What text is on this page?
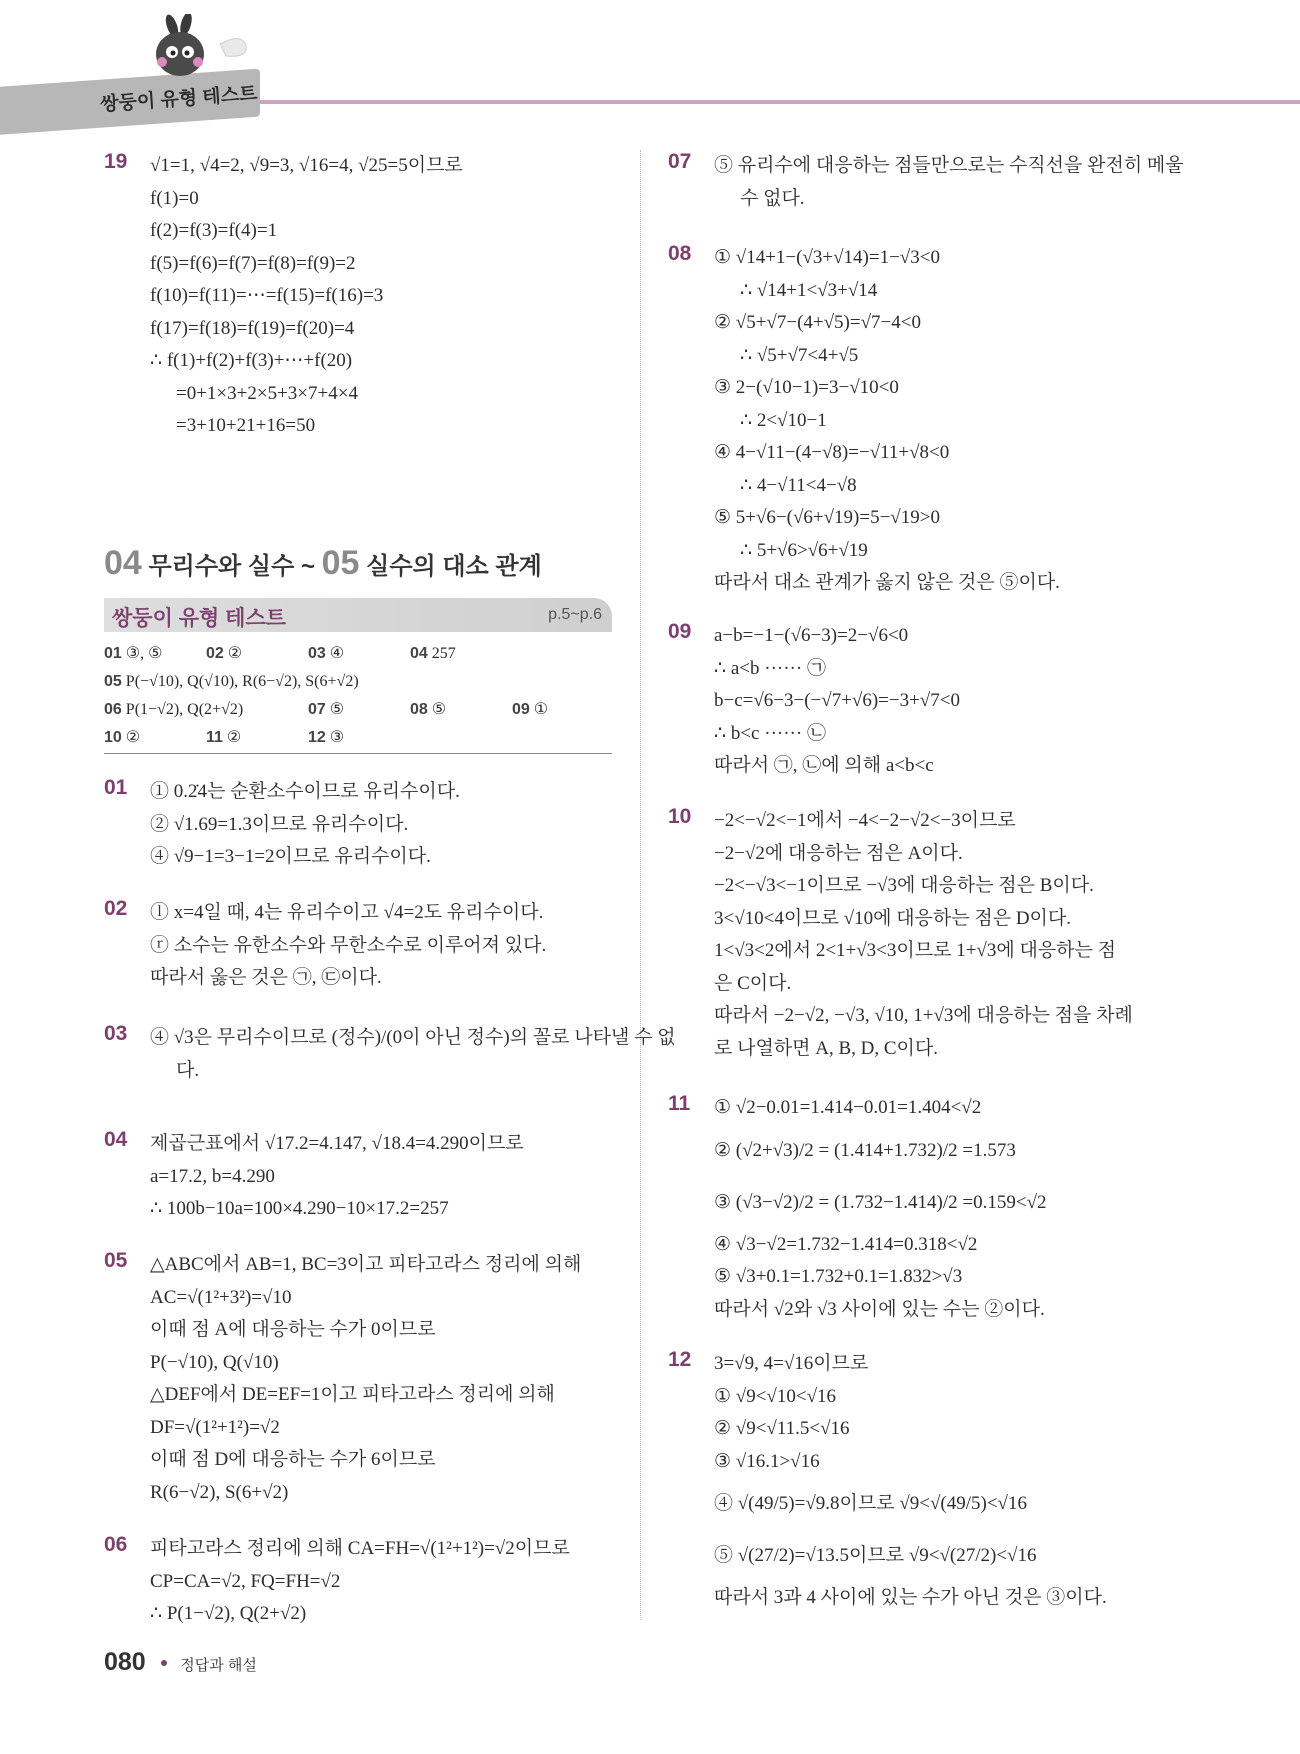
쌍둥이 유형 테스트
19 √1=1, √4=2, √9=3, √16=4, √25=5이므로
f(1)=0
f(2)=f(3)=f(4)=1
f(5)=f(6)=f(7)=f(8)=f(9)=2
f(10)=f(11)=⋯=f(15)=f(16)=3
f(17)=f(18)=f(19)=f(20)=4
∴ f(1)+f(2)+f(3)+⋯+f(20)
=0+1×3+2×5+3×7+4×4
=3+10+21+16=50
04 무리수와 실수 ~ 05 실수의 대소 관계
쌍둥이 유형 테스트	p.5~p.6
01 ③, ⑤	02 ②	03 ④	04 257
05 P(−√10), Q(√10), R(6−√2), S(6+√2)
06 P(1−√2), Q(2+√2)	07 ⑤	08 ⑤	09 ①
10 ②	11 ②	12 ③
01 ① 0.2̇4는 순환소수이므로 유리수이다.
② √1.69=1.3이므로 유리수이다.
④ √9−1=3−1=2이므로 유리수이다.
02 ⓛ x=4일 때, 4는 유리수이고 √4=2도 유리수이다.
ⓡ 소수는 유한소수와 무한소수로 이루어져 있다.
따라서 옳은 것은 ㉠, ㉢이다.
03 ④ √3은 무리수이므로 (정수)/(0이 아닌 정수)의 꼴로 나타낼 수 없
다.
04 제곱근표에서 √17.2=4.147, √18.4=4.290이므로
a=17.2, b=4.290
∴ 100b−10a=100×4.290−10×17.2=257
05 △ABC에서 AB=1, BC=3이고 피타고라스 정리에 의해
AC=√(1²+3²)=√10
이때 점 A에 대응하는 수가 0이므로
P(−√10), Q(√10)
△DEF에서 DE=EF=1이고 피타고라스 정리에 의해
DF=√(1²+1²)=√2
이때 점 D에 대응하는 수가 6이므로
R(6−√2), S(6+√2)
06 피타고라스 정리에 의해 CA=FH=√(1²+1²)=√2이므로
CP=CA=√2, FQ=FH=√2
∴ P(1−√2), Q(2+√2)
07 ⑤ 유리수에 대응하는 점들만으로는 수직선을 완전히 메울
수 없다.
08 ① √14+1−(√3+√14)=1−√3<0
∴ √14+1<√3+√14
② √5+√7−(4+√5)=√7−4<0
∴ √5+√7<4+√5
③ 2−(√10−1)=3−√10<0
∴ 2<√10−1
④ 4−√11−(4−√8)=−√11+√8<0
∴ 4−√11<4−√8
⑤ 5+√6−(√6+√19)=5−√19>0
∴ 5+√6>√6+√19
따라서 대소 관계가 옳지 않은 것은 ⑤이다.
09 a−b=−1−(√6−3)=2−√6<0
∴ a<b ······ ㉠
b−c=√6−3−(−√7+√6)=−3+√7<0
∴ b<c ······ ㉡
따라서 ㉠, ㉡에 의해 a<b<c
10 −2<−√2<−1에서 −4<−2−√2<−3이므로
−2−√2에 대응하는 점은 A이다.
−2<−√3<−1이므로 −√3에 대응하는 점은 B이다.
3<√10<4이므로 √10에 대응하는 점은 D이다.
1<√3<2에서 2<1+√3<3이므로 1+√3에 대응하는 점
은 C이다.
따라서 −2−√2, −√3, √10, 1+√3에 대응하는 점을 차례
로 나열하면 A, B, D, C이다.
11 ① √2−0.01=1.414−0.01=1.404<√2
② (√2+√3)/2 = (1.414+1.732)/2 =1.573
③ (√3−√2)/2 = (1.732−1.414)/2 =0.159<√2
④ √3−√2=1.732−1.414=0.318<√2
⑤ √3+0.1=1.732+0.1=1.832>√3
따라서 √2와 √3 사이에 있는 수는 ②이다.
12 3=√9, 4=√16이므로
① √9<√10<√16
② √9<√11.5<√16
③ √16.1>√16
④ √(49/5)=√9.8이므로 √9<√(49/5)<√16
⑤ √(27/2)=√13.5이므로 √9<√(27/2)<√16
따라서 3과 4 사이에 있는 수가 아닌 것은 ③이다.
080 정답과 해설
